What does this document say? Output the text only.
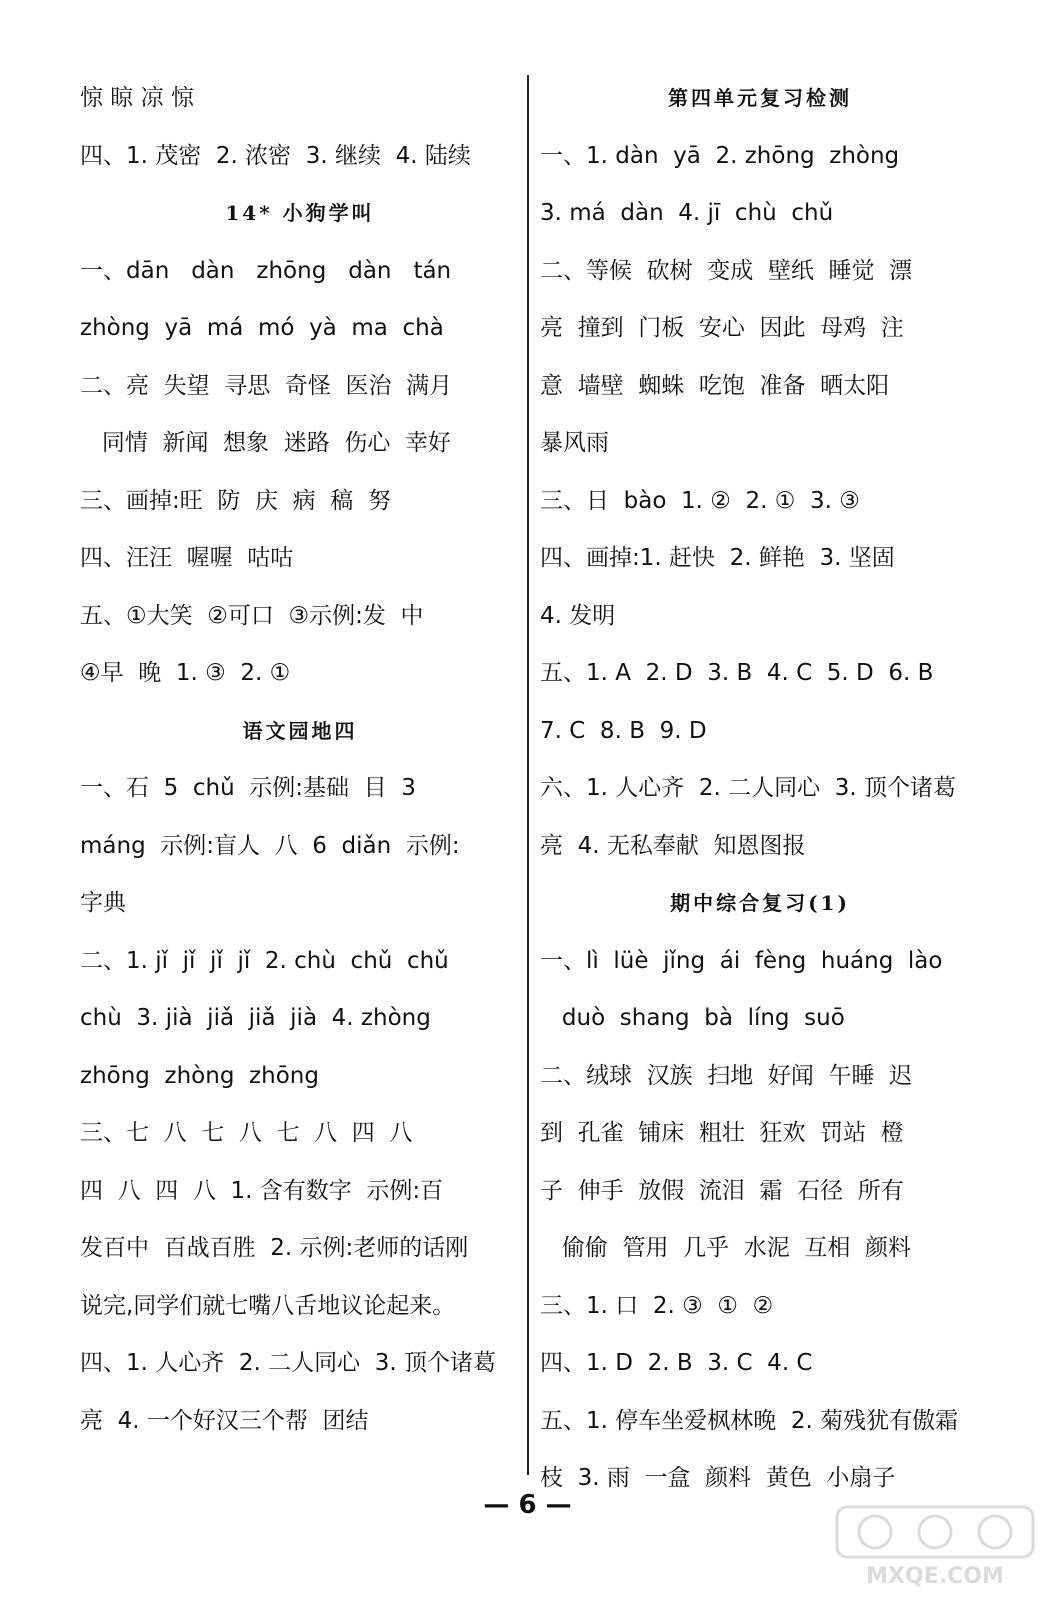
惊 晾 凉 惊
四、1. 茂密  2. 浓密  3. 继续  4. 陆续
14* 小狗学叫
一、dān   dàn   zhōng   dàn   tán
zhòng  yā  má  mó  yà  ma  chà
二、亮  失望  寻思  奇怪  医治  满月
同情  新闻  想象  迷路  伤心  幸好
三、画掉:旺  防  庆  病  稿  努
四、汪汪  喔喔  咕咕
五、①大笑  ②可口  ③示例:发  中
④早  晚  1. ③  2. ①
语文园地四
一、石  5  chǔ  示例:基础  目  3
máng  示例:盲人  八  6  diǎn  示例:
字典
二、1. jǐ  jǐ  jǐ  jǐ  2. chù  chǔ  chǔ
chù  3. jià  jiǎ  jiǎ  jià  4. zhòng
zhōng  zhòng  zhōng
三、七  八  七  八  七  八  四  八
四  八  四  八  1. 含有数字  示例:百
发百中  百战百胜  2. 示例:老师的话刚
说完,同学们就七嘴八舌地议论起来。
四、1. 人心齐  2. 二人同心  3. 顶个诸葛
亮  4. 一个好汉三个帮  团结
第四单元复习检测
一、1. dàn  yā  2. zhōng  zhòng
3. má  dàn  4. jī  chù  chǔ
二、等候  砍树  变成  壁纸  睡觉  漂
亮  撞到  门板  安心  因此  母鸡  注
意  墙壁  蜘蛛  吃饱  准备  晒太阳
暴风雨
三、日  bào  1. ②  2. ①  3. ③
四、画掉:1. 赶快  2. 鲜艳  3. 坚固
4. 发明
五、1. A  2. D  3. B  4. C  5. D  6. B
7. C  8. B  9. D
六、1. 人心齐  2. 二人同心  3. 顶个诸葛
亮  4. 无私奉献  知恩图报
期中综合复习(1)
一、lì  lüè  jǐng  ái  fèng  huáng  lào
duò  shang  bà  líng  suō
二、绒球  汉族  扫地  好闻  午睡  迟
到  孔雀  铺床  粗壮  狂欢  罚站  橙
子  伸手  放假  流泪  霜  石径  所有
偷偷  管用  几乎  水泥  互相  颜料
三、1. 口  2. ③  ①  ②
四、1. D  2. B  3. C  4. C
五、1. 停车坐爱枫林晚  2. 菊残犹有傲霜
枝  3. 雨  一盒  颜料  黄色  小扇子
— 6 —
MXQE.COM
